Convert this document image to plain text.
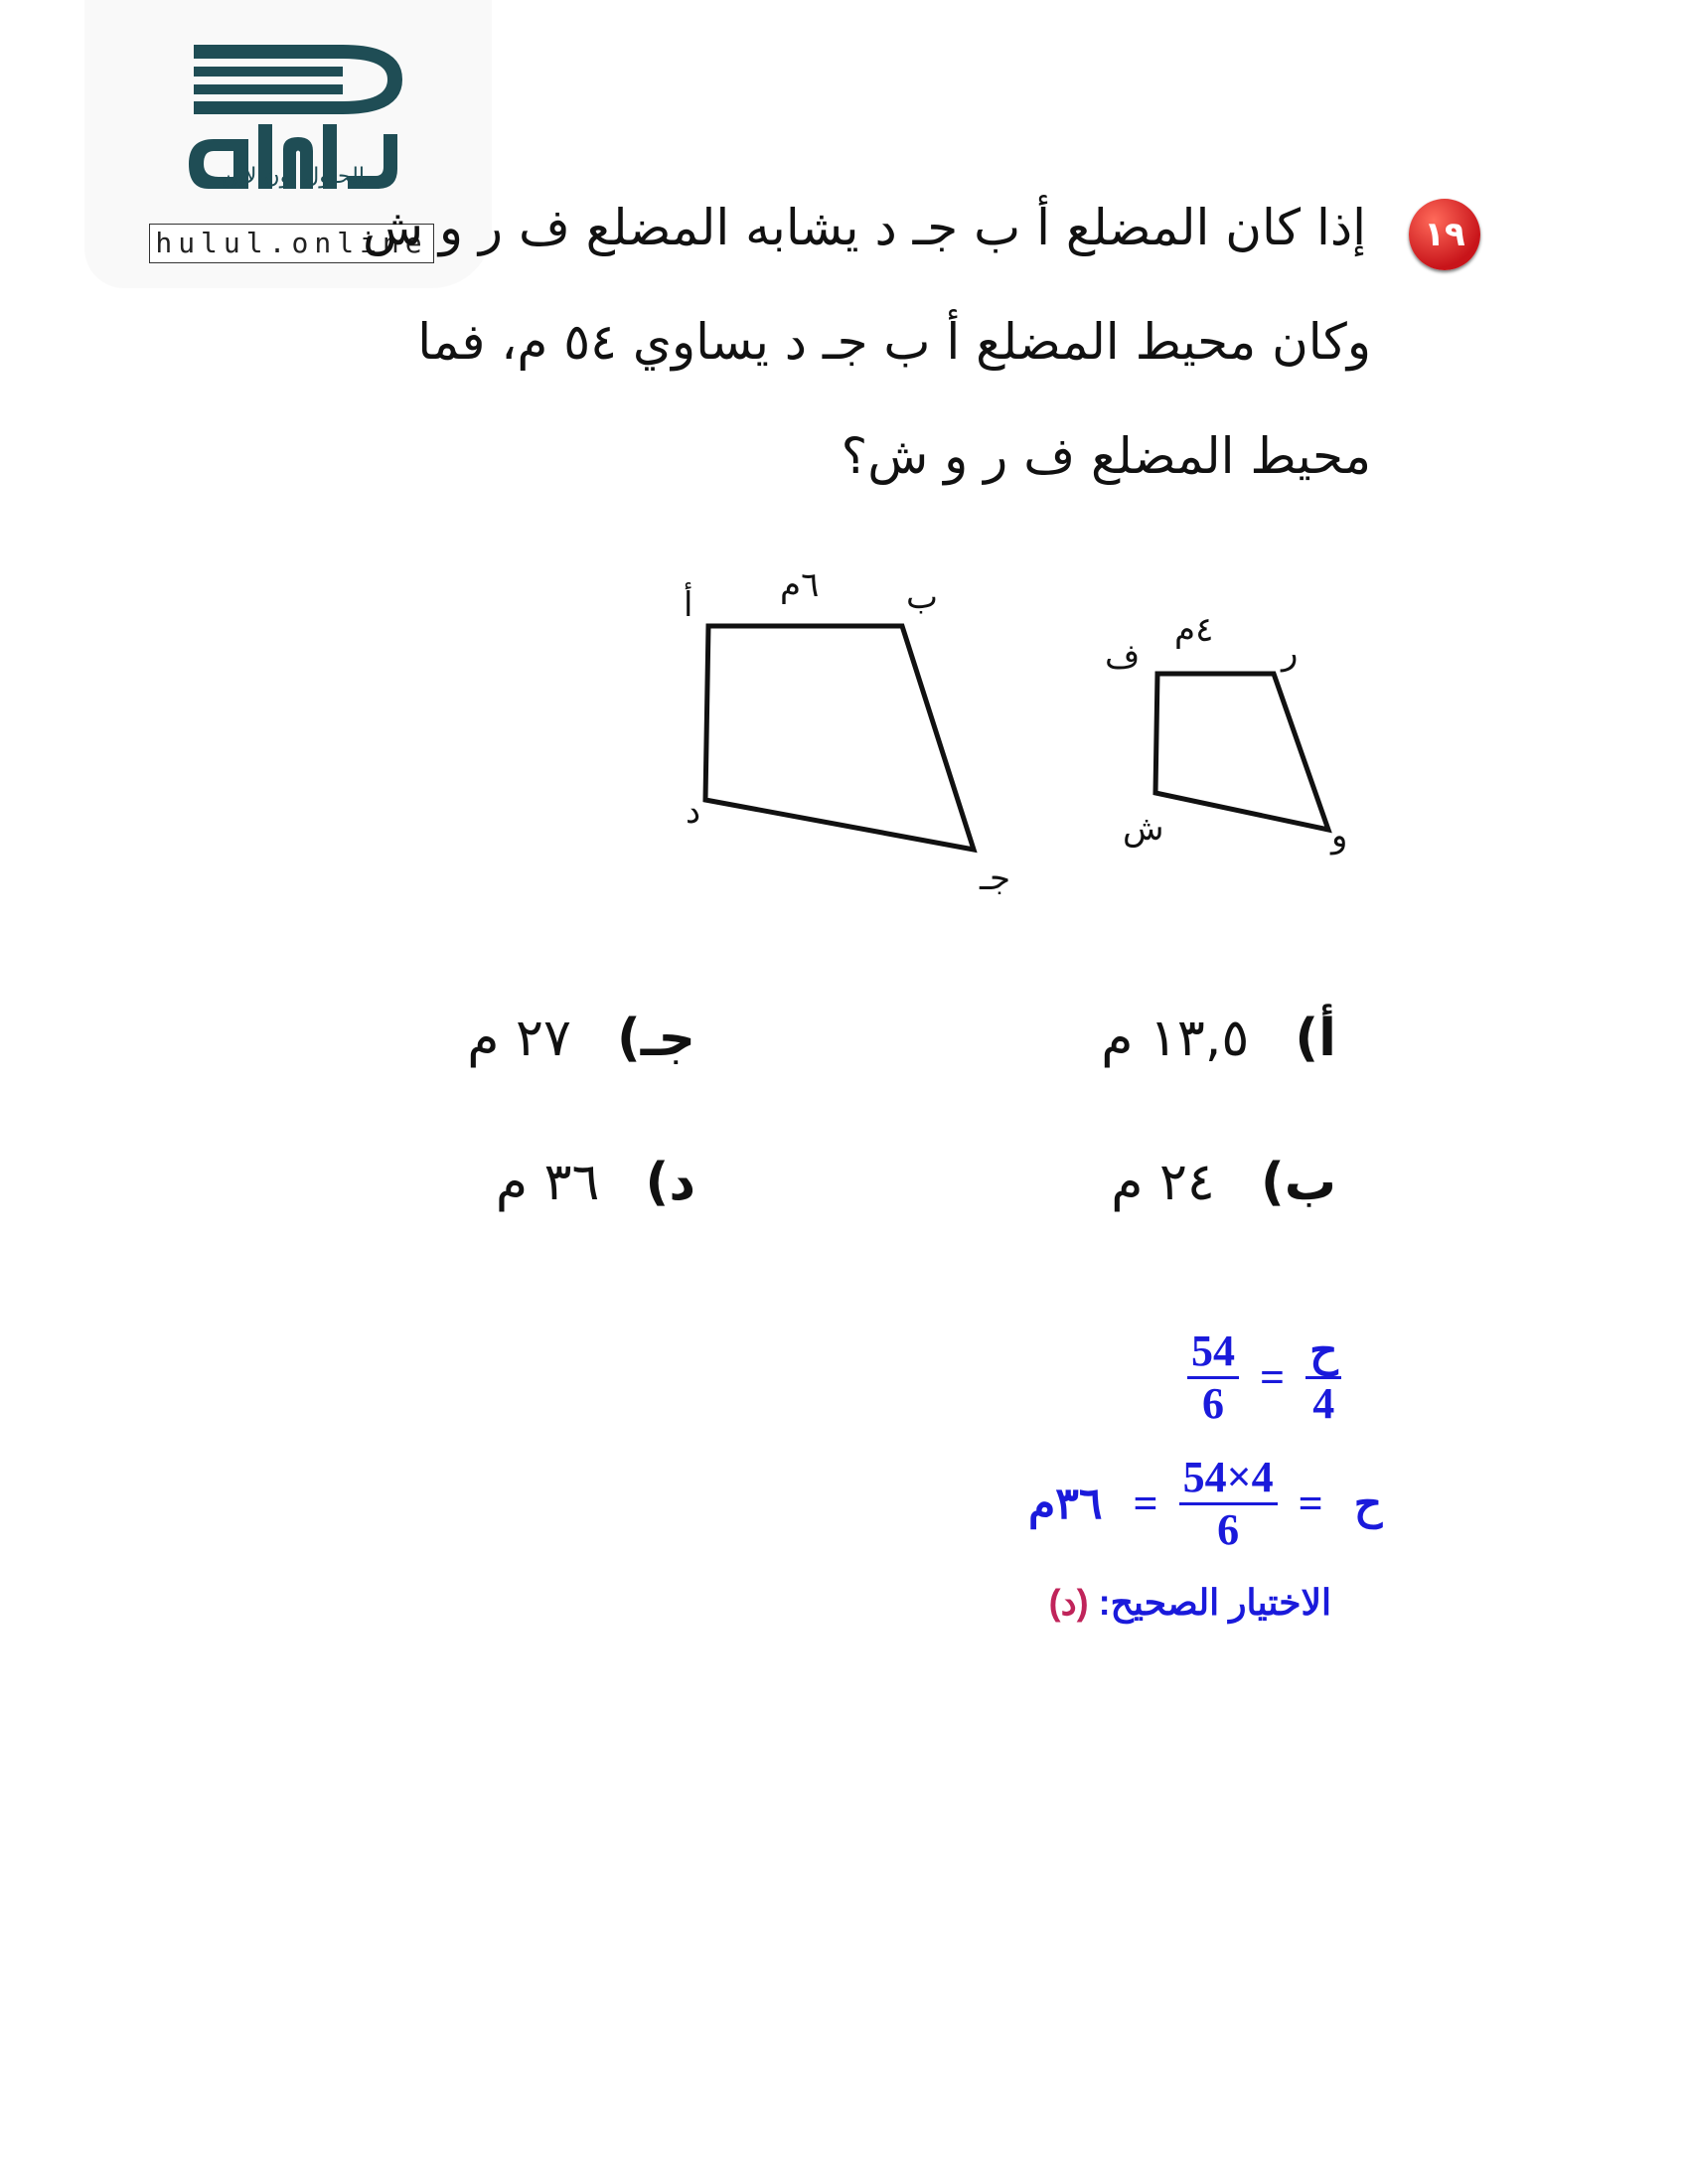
الحلول اون لاين
hulul.online	١٩
إذا كان المضلع أ ب جـ د يشابه المضلع ف ر و ش
وكان محيط المضلع أ ب جـ د يساوي ٥٤ م، فما
محيط المضلع ف ر و ش؟
أ	ب
جـ
د
٦م
ف	ر
و
ش
٤م
أ) ١٣,٥ م
ب) ٢٤ م
جـ) ٢٧ م
د) ٣٦ م
$\frac{54}{6} = \frac{\text{ح}}{4}$
٣٦م = $\frac{54\times 4}{6}$ = ح
الاختيار الصحيح: (د)
